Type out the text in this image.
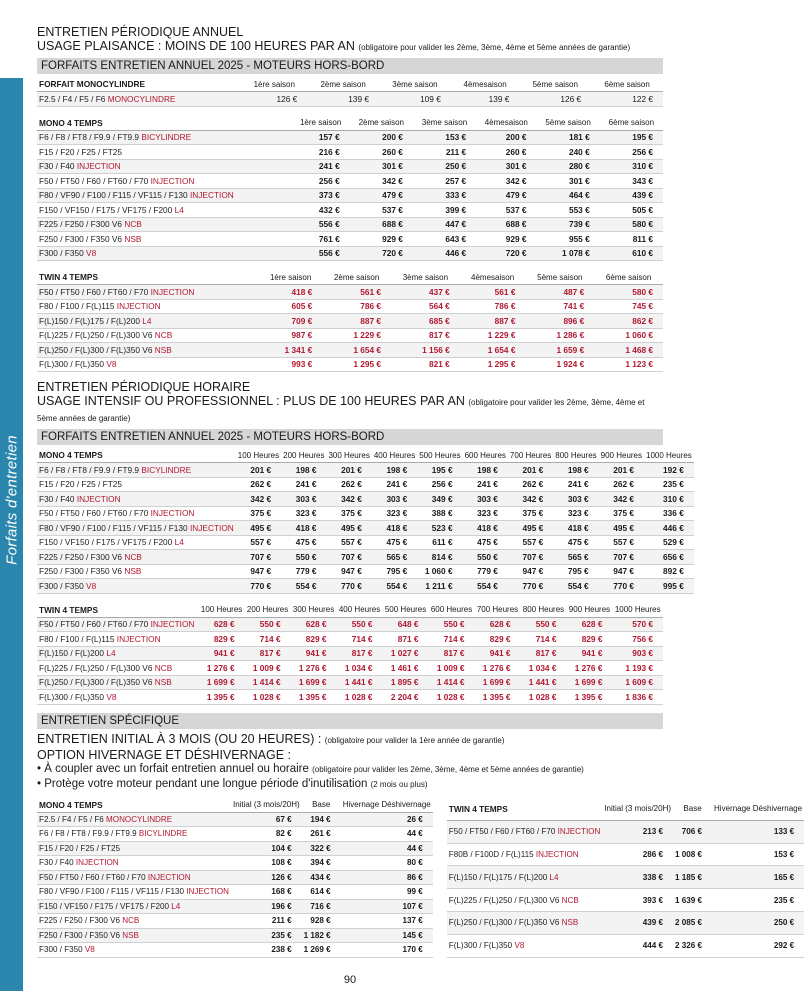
Forfaits d'entretien
ENTRETIEN PÉRIODIQUE ANNUEL
USAGE PLAISANCE : MOINS DE 100 HEURES PAR AN (obligatoire pour valider les 2ème, 3ème, 4ème et 5ème années de garantie)
FORFAITS ENTRETIEN ANNUEL 2025 - MOTEURS HORS-BORD
FORFAIT MONOCYLINDRE	1ère saison	2ème saison	3ème saison	4èmesaison	5ème saison	6ème saison
F2.5 / F4 / F5 / F6 MONOCYLINDRE	126 €	139 €	109 €	139 €	126 €	122 €
MONO 4 TEMPS	1ère saison	2ème saison	3ème saison	4èmesaison	5ème saison	6ème saison
F6 / F8 / FT8 / F9.9 / FT9.9 BICYLINDRE	157 €	200 €	153 €	200 €	181 €	195 €
F15 / F20 / F25 / FT25	216 €	260 €	211 €	260 €	240 €	256 €
F30 / F40 INJECTION	241 €	301 €	250 €	301 €	280 €	310 €
F50 / FT50 / F60 / FT60 / F70 INJECTION	256 €	342 €	257 €	342 €	301 €	343 €
F80 / VF90 / F100 / F115 / VF115 / F130 INJECTION	373 €	479 €	333 €	479 €	464 €	439 €
F150 / VF150 / F175 / VF175 / F200 L4	432 €	537 €	399 €	537 €	553 €	505 €
F225 / F250 / F300 V6 NCB	556 €	688 €	447 €	688 €	739 €	580 €
F250 / F300 / F350 V6 NSB	761 €	929 €	643 €	929 €	955 €	811 €
F300 / F350 V8	556 €	720 €	446 €	720 €	1 078 €	610 €
TWIN 4 TEMPS	1ère saison	2ème saison	3ème saison	4èmesaison	5ème saison	6ème saison
F50 / FT50 / F60 / FT60 / F70 INJECTION	418 €	561 €	437 €	561 €	487 €	580 €
F80 / F100 / F(L)115 INJECTION	605 €	786 €	564 €	786 €	741 €	745 €
F(L)150 / F(L)175 / F(L)200 L4	709 €	887 €	685 €	887 €	896 €	862 €
F(L)225 / F(L)250 / F(L)300 V6 NCB	987 €	1 229 €	817 €	1 229 €	1 286 €	1 060 €
F(L)250 / F(L)300 / F(L)350 V6 NSB	1 341 €	1 654 €	1 156 €	1 654 €	1 659 €	1 468 €
F(L)300 / F(L)350 V8	993 €	1 295 €	821 €	1 295 €	1 924 €	1 123 €
ENTRETIEN PÉRIODIQUE HORAIRE
USAGE INTENSIF OU PROFESSIONNEL : PLUS DE 100 HEURES PAR AN (obligatoire pour valider les 2ème, 3ème, 4ème et 5ème années de garantie)
FORFAITS ENTRETIEN ANNUEL 2025 - MOTEURS HORS-BORD
MONO 4 TEMPS	100 Heures	200 Heures	300 Heures	400 Heures	500 Heures	600 Heures	700 Heures	800 Heures	900 Heures	1000 Heures
F6 / F8 / FT8 / F9.9 / FT9.9 BICYLINDRE	201 €	198 €	201 €	198 €	195 €	198 €	201 €	198 €	201 €	192 €
F15 / F20 / F25 / FT25	262 €	241 €	262 €	241 €	256 €	241 €	262 €	241 €	262 €	235 €
F30 / F40 INJECTION	342 €	303 €	342 €	303 €	349 €	303 €	342 €	303 €	342 €	310 €
F50 / FT50 / F60 / FT60 / F70 INJECTION	375 €	323 €	375 €	323 €	388 €	323 €	375 €	323 €	375 €	336 €
F80 / VF90 / F100 / F115 / VF115 / F130 INJECTION	495 €	418 €	495 €	418 €	523 €	418 €	495 €	418 €	495 €	446 €
F150 / VF150 / F175 / VF175 / F200 L4	557 €	475 €	557 €	475 €	611 €	475 €	557 €	475 €	557 €	529 €
F225 / F250 / F300 V6 NCB	707 €	550 €	707 €	565 €	814 €	550 €	707 €	565 €	707 €	656 €
F250 / F300 / F350 V6 NSB	947 €	779 €	947 €	795 €	1 060 €	779 €	947 €	795 €	947 €	892 €
F300 / F350 V8	770 €	554 €	770 €	554 €	1 211 €	554 €	770 €	554 €	770 €	995 €
TWIN 4 TEMPS	100 Heures	200 Heures	300 Heures	400 Heures	500 Heures	600 Heures	700 Heures	800 Heures	900 Heures	1000 Heures
F50 / FT50 / F60 / FT60 / F70 INJECTION	628 €	550 €	628 €	550 €	648 €	550 €	628 €	550 €	628 €	570 €
F80 / F100 / F(L)115 INJECTION	829 €	714 €	829 €	714 €	871 €	714 €	829 €	714 €	829 €	756 €
F(L)150 / F(L)200 L4	941 €	817 €	941 €	817 €	1 027 €	817 €	941 €	817 €	941 €	903 €
F(L)225 / F(L)250 / F(L)300 V6 NCB	1 276 €	1 009 €	1 276 €	1 034 €	1 461 €	1 009 €	1 276 €	1 034 €	1 276 €	1 193 €
F(L)250 / F(L)300 / F(L)350 V6 NSB	1 699 €	1 414 €	1 699 €	1 441 €	1 895 €	1 414 €	1 699 €	1 441 €	1 699 €	1 609 €
F(L)300 / F(L)350 V8	1 395 €	1 028 €	1 395 €	1 028 €	2 204 €	1 028 €	1 395 €	1 028 €	1 395 €	1 836 €
ENTRETIEN SPÉCIFIQUE
ENTRETIEN INITIAL À 3 MOIS (OU 20 HEURES) : (obligatoire pour valider la 1ère année de garantie)
OPTION HIVERNAGE ET DÉSHIVERNAGE :
• À coupler avec un forfait entretien annuel ou horaire (obligatoire pour valider les 2ème, 3ème, 4ème et 5ème années de garantie)
• Protège votre moteur pendant une longue période d'inutilisation (2 mois ou plus)
MONO 4 TEMPS	Initial (3 mois/20H)	Base	Hivernage Déshivernage
F2.5 / F4 / F5 / F6 MONOCYLINDRE	67 €	194 €	26 €
F6 / F8 / FT8 / F9.9 / FT9.9 BICYLINDRE	82 €	261 €	44 €
F15 / F20 / F25 / FT25	104 €	322 €	44 €
F30 / F40 INJECTION	108 €	394 €	80 €
F50 / FT50 / F60 / FT60 / F70 INJECTION	126 €	434 €	86 €
F80 / VF90 / F100 / F115 / VF115 / F130 INJECTION	168 €	614 €	99 €
F150 / VF150 / F175 / VF175 / F200 L4	196 €	716 €	107 €
F225 / F250 / F300 V6 NCB	211 €	928 €	137 €
F250 / F300 / F350 V6 NSB	235 €	1 182 €	145 €
F300 / F350 V8	238 €	1 269 €	170 €
TWIN 4 TEMPS	Initial (3 mois/20H)	Base	Hivernage Déshivernage
F50 / FT50 / F60 / FT60 / F70 INJECTION	213 €	706 €	133 €
F80B / F100D / F(L)115 INJECTION	286 €	1 008 €	153 €
F(L)150 / F(L)175 / F(L)200 L4	338 €	1 185 €	165 €
F(L)225 / F(L)250 / F(L)300 V6 NCB	393 €	1 639 €	235 €
F(L)250 / F(L)300 / F(L)350 V6 NSB	439 €	2 085 €	250 €
F(L)300 / F(L)350 V8	444 €	2 326 €	292 €
90
